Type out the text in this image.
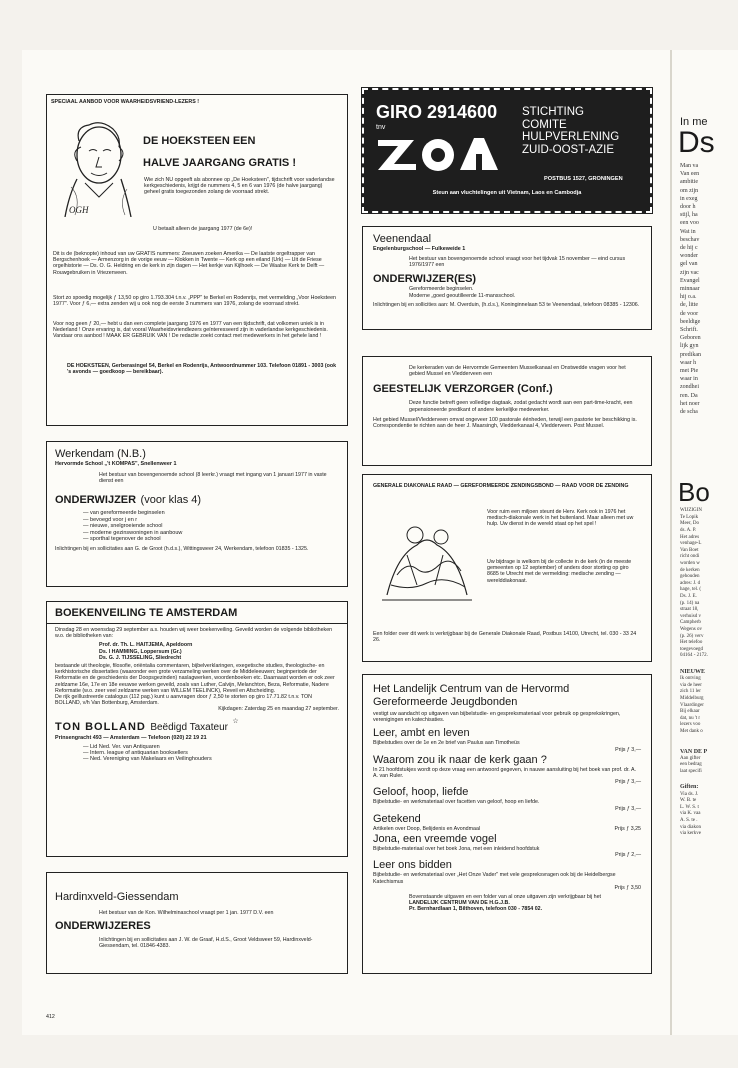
SPECIAAL AANBOD VOOR WAARHEIDSVRIEND-LEZERS !
OGH
DE HOEKSTEEN EEN
HALVE JAARGANG GRATIS !
Wie zich NU opgeeft als abonnee op „De Hoeksteen", tijdschrift voor vaderlandse kerkgeschiedenis, krijgt de nummers 4, 5 en 6 van 1976 (de halve jaargang) geheel gratis toegezonden zolang de voorraad strekt.
U betaalt alleen de jaargang 1977 (de 6e)!
Dit is de (beknopte) inhoud van uw GRATIS nummers: Zeeuwen zoeken Amerika — De laatste orgeltrapper van Bergschenhoek — Armenzorg in de vorige eeuw — Klokken in Twente — Kerk op een eiland (Urk) — Uit de Friese orgelhistorie — Ds. O. G. Heldring en de kerk in zijn dagen — Het kerkje van Kijlhoek — De Waalse Kerk te Delft —Rouwgebruiken in Vriezenveen.
Stort zo spoedig mogelijk ƒ 13,50 op giro 1.793.304 t.n.v. „PPP" te Berkel en Rodenrijs, met vermelding „Voor Hoeksteen 1977". Voor ƒ 6,— extra zenden wij u ook nog de eerste 3 nummers van 1976, zolang de voorraad strekt.
Voor nog geen ƒ 20,— hebt u dan een complete jaargang 1976 en 1977 van een tijdschrift, dat volkomen uniek is in Nederland ! Onze ervaring is, dat vooral Waarheidsvriendlezers geïnteresseerd zijn in vaderlandse kerkgeschiedenis. Vandaar ons aanbod ! MAAK ER GEBRUIK VAN ! De redactie zoekt contact met medewerkers in het gehele land !
DE HOEKSTEEN, Gerberasingel 54, Berkel en Rodenrijs, Antwoordnummer 103. Telefoon 01891 - 3003 (ook 's avonds — goedkoop — bereikbaar).
Werkendam (N.B.)
Hervormde School „'t KOMPAS", Snellenweer 1
Het bestuur van bovengenoemde school (8 leerkr.) vraagt met ingang van 1 januari 1977 in vaste dienst een
ONDERWIJZER (voor klas 4)
— van gereformeerde beginselen
— bevoegd voor j en r
— nieuwe, snelgroeiende school
— moderne gezinswoningen in aanbouw
— sporthal tegenover de school
Inlichtingen bij en sollicitaties aan G. de Groot (h.d.s.), Wittingsweer 24, Werkendam, telefoon 01835 - 1325.
BOEKENVEILING TE AMSTERDAM
Dinsdag 28 en woensdag 29 september a.s. houden wij weer boekenveiling. Geveild worden de volgende bibliotheken w.o. de bibliotheken van:
Prof. dr. Th. L. HAITJEMA, Apeldoorn
Ds. I HAMMING, Loppersum (Gr.)
Ds. G. J. TIJSSELING, Sliedrecht
bestaande uit theologie, filosofie, oriëntalia commentaren, bijbelverklaringen, exegetische studies, theologische- en kerkhistorische dissertaties (waaronder een grote verzameling werken over de Middeleeuwen; beginperiode der Reformatie en de geschiedenis der Doopsgezinden) naslagwerken, woordenboeken etc. Daarnaast worden er ook zeer zeldzame 16e, 17e en 18e eeuwse werken geveild, zoals van Luther, Calvijn, Melanchton, Beza, Reformatie, Nadere Reformatie (w.o. zeer veel zeldzame werken van WILLEM TEELINCK), Reveil en Afscheiding.
De rijk geïllustreerde catalogus (112 pag.) kunt u aanvragen door ƒ 2,50 te storten op giro 17.71.82 t.n.v. TON BOLLAND, v/h Van Bottenburg, Amsterdam.
Kijkdagen: Zaterdag 25 en maandag 27 september.
TON BOLLAND Beëdigd Taxateur ☆
Prinsengracht 493 — Amsterdam — Telefoon (020) 22 19 21
— Lid Ned. Ver. van Antiquaren
— Intern. league of antiquarian booksellers
— Ned. Vereniging van Makelaars en Veilinghouders
Hardinxveld-Giessendam
Het bestuur van de Kon. Wilhelminaschool vraagt per 1 jan. 1977 D.V. een
ONDERWIJZERES
Inlichtingen bij en sollicitaties aan J. W. de Graaf, H.d.S., Groot Veldsweer 59, Hardinxveld-Giessendam, tel. 01846-4383.
412
GIRO 2914600
tnv
STICHTING
COMITE
HULPVERLENING
ZUID-OOST-AZIE
POSTBUS 1527, GRONINGEN
Steun aan vluchtelingen uit Vietnam, Laos en Cambodja
Veenendaal
Engelenburgschool — Fulkeweide 1
Het bestuur van bovengenoemde school vraagt voor het tijdvak 15 november — eind cursus 1976/1977 een
ONDERWIJZER(ES)
Gereformeerde beginselen.
Moderne „goed geoutilleerde 11-mansschool.
Inlichtingen bij en sollicities aan: M. Overduin, (h.d.s.), Koninginnelaan 53 te Veenendaal, telefoon 08385 - 12306.
De kerkeraden van de Hervormde Gemeenten Musselkanaal en Onstwedde vragen voor het gebied Mussel en Vledderveen een
GEESTELIJK VERZORGER (Conf.)
Deze functie betreft geen volledige dagtaak, zodat gedacht wordt aan een part-time-kracht, een gepensioneerde predikant of andere kerkelijke medewerker.
Het gebied Mussel/Vledderveen omvat ongeveer 100 pastorale éénheden, terwijl een pastorie ter beschikking is. Correspondentie te richten aan de heer J. Maarsingh, Vledderkanaal 4, Vledderveen. Post Mussel.
GENERALE DIAKONALE RAAD — GEREFORMEERDE ZENDINGSBOND — RAAD VOOR DE ZENDING
Voor ruim een miljoen steunt de Herv. Kerk ook in 1976 het medisch-diakonale werk in het buitenland. Maar alleen met uw hulp. Uw dienst in de wereld staat op het spel !
Uw bijdrage is welkom bij de collecte in de kerk (in de meeste gemeenten op 12 september) of anders door storting op giro 8685 te Utrecht met de vermelding: medische zending — werelddiakonaat.
Een folder over dit werk is verkrijgbaar bij de Generale Diakonale Raad, Postbus 14100, Utrecht, tel. 030 - 33 24 26.
Het Landelijk Centrum van de Hervormd Gereformeerde Jeugdbonden
vestigt uw aandacht op uitgaven van bijbelstudie- en gespreksmateriaal voor gebruik op gesprekskringen, verenigingen en katechisaties.
Leer, ambt en leven
Bijbelstudies over de 1e en 2e brief van Paulus aan Timotheüs
Prijs ƒ 3,—
Waarom zou ik naar de kerk gaan ?
In 21 hoofdstukjes wordt op deze vraag een antwoord gegeven, in nauwe aansluiting bij het boek van prof. dr. A. A. van Ruler.
Prijs ƒ 3,—
Geloof, hoop, liefde
Bijbelstudie- en werkmateriaal over facetten van geloof, hoop en liefde.
Prijs ƒ 3,—
Getekend
Artikelen over Doop, Belijdenis en Avondmaal	Prijs ƒ 3,25
Jona, een vreemde vogel
Bijbelstudie-materiaal over het boek Jona, met een inleidend hoofdstuk
Prijs ƒ 2,—
Leer ons bidden
Bijbelstudie- en werkmateriaal over „Het Onze Vader" met vele gespreksvragen ook bij de Heidelbergse Katechismus
Prijs ƒ 3,50
Bovenstaande uitgaven en een folder van al onze uitgaven zijn verkrijgbaar bij het
LANDELIJK CENTRUM VAN DE H.G.J.B.
Pr. Bernhardlaan 1, Bilthoven, telefoon 030 - 7854 02.
In me
Ds
Man va
Van een
ambitie
om zijn
in exeg
door h
stijl, ha
een voo
Wat in
beschav
de hij c
wonder
gel van
zijn vac
Evangel
minnaar
hij o.a.
de, litte
de voor
beeldige
Schrift.
Geboren
lijk gyn
predikan
waar h
met Pie
waar in
zondhei
ren. Da
het noer
de scha
Bo
WIJZIGIN
Te Lopik
Meer, Do
ds. A. P.
Het adres
venhage-L
Van Boet
richt ondi
worden w
de kerken
gehouden
adres: J. d
hage, tel. (
Ds. J. E.
(p. 14) na
straat 18,
verhuisd v
Campherb
Wegens ov
(p. 26) verv
Het telefoo
toegevoegd
04164 - 2172.
NIEUWE
Ik ontving
via de heer
zich 11 ler
Middelburg
Vlaardinger
Bij elkaar
dat, nu 't r
lezers voo
Met dank o
VAN DE P
Aan gifter
een bedrag
laat specifi
Giften:
Via ds. J.
W. B. te
L. W. S. t
via K. vaa
A. S. te .
via diakon
via kerkve
